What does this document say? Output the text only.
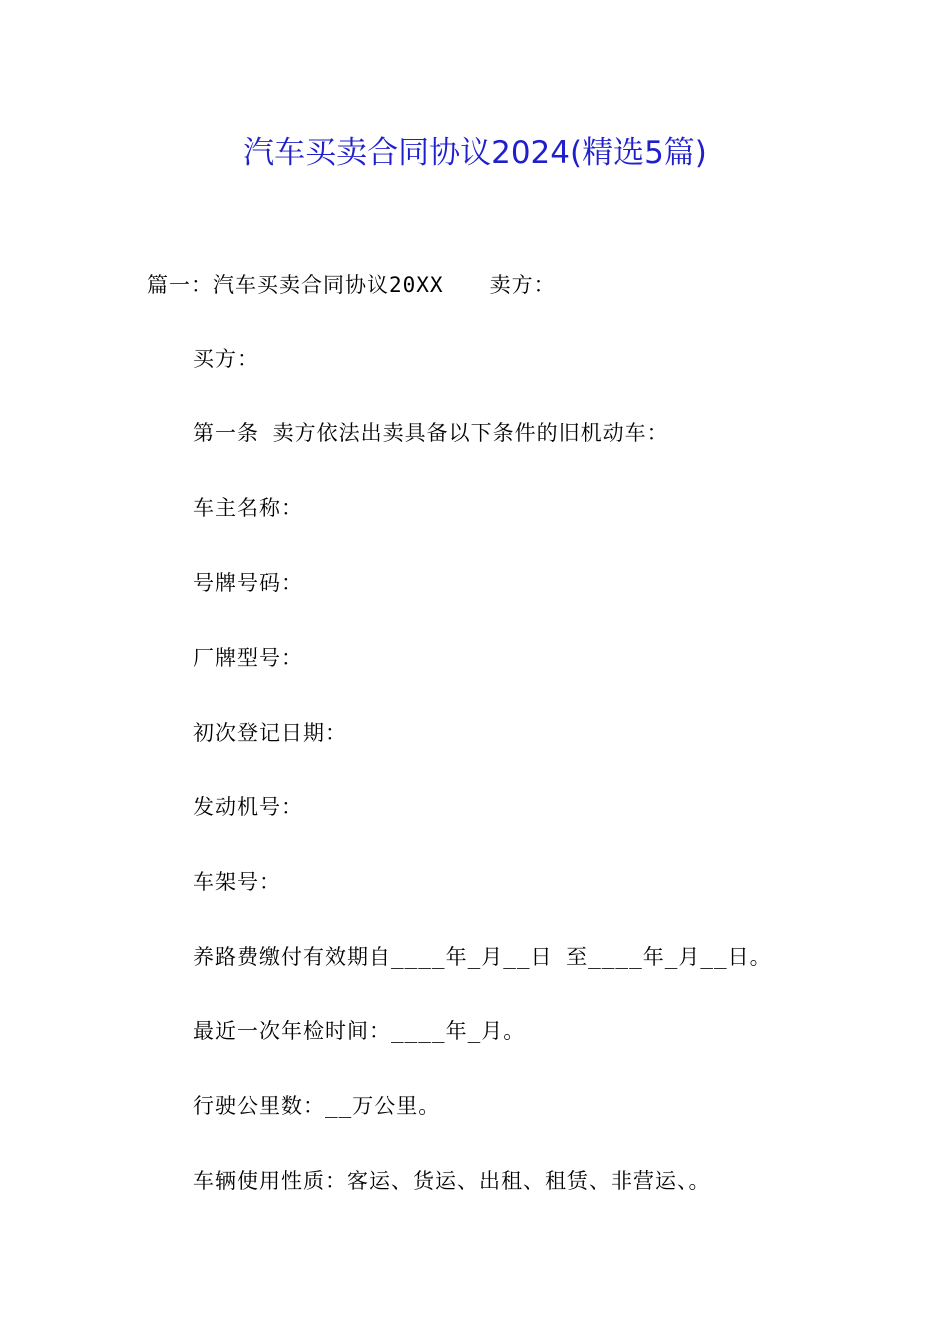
汽车买卖合同协议2024(精选5篇)
篇一：汽车买卖合同协议20XX 卖方：
买方：
第一条 卖方依法出卖具备以下条件的旧机动车：
车主名称：
号牌号码：
厂牌型号：
初次登记日期：
发动机号：
车架号：
养路费缴付有效期自____年_月__日 至____年_月__日。
最近一次年检时间：____年_月。
行驶公里数：__万公里。
车辆使用性质：客运、货运、出租、租赁、非营运、。
